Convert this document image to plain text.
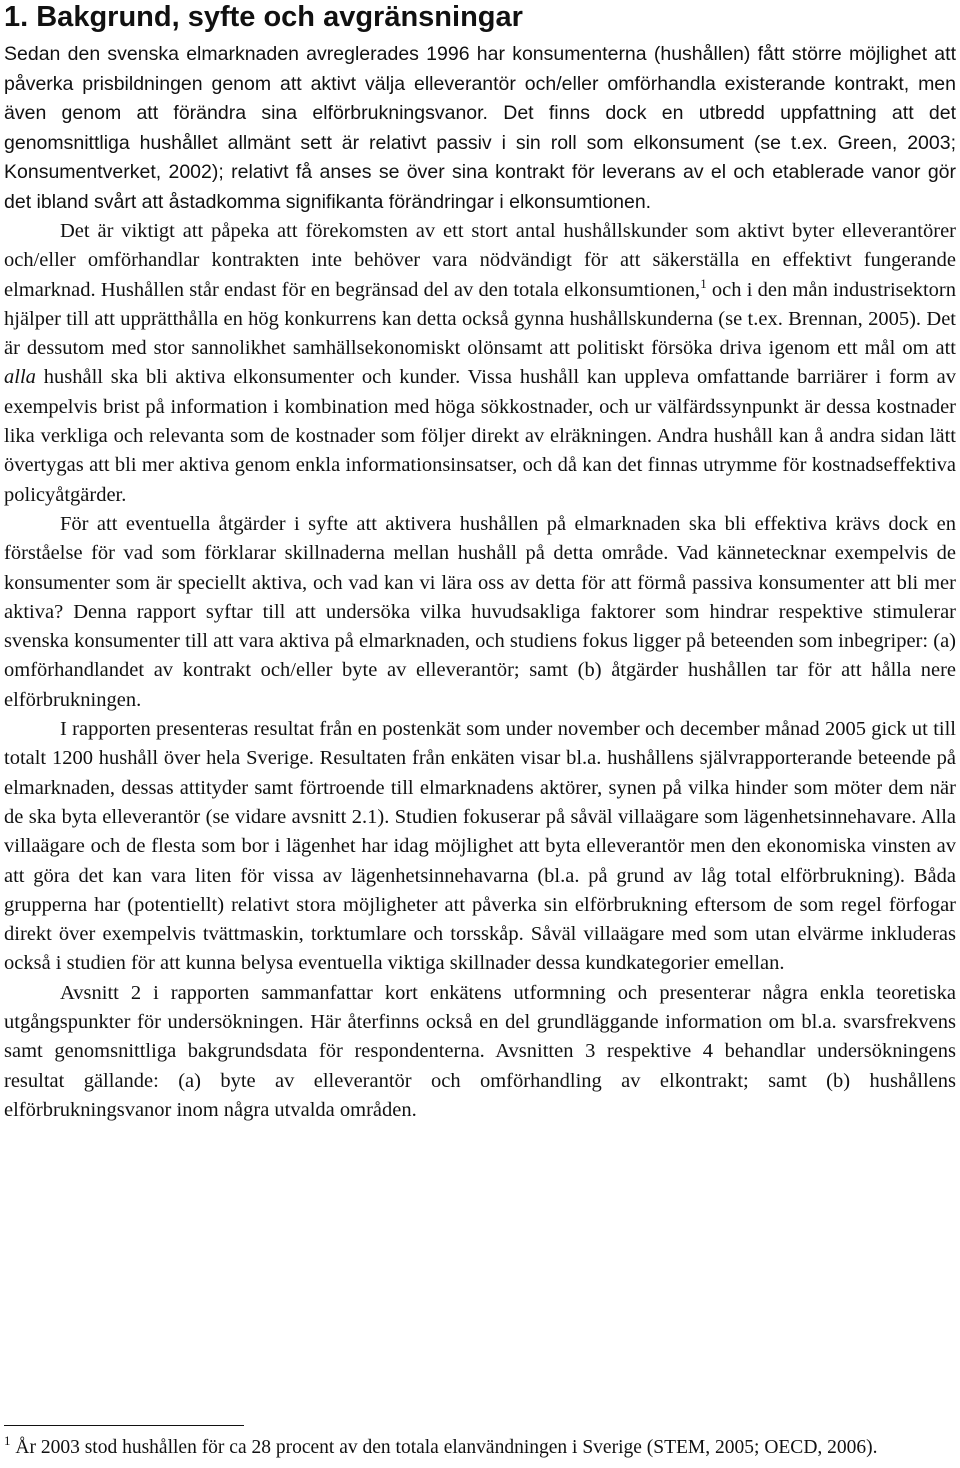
1. Bakgrund, syfte och avgränsningar

Sedan den svenska elmarknaden avreglerades 1996 har konsumenterna (hushållen) fått större möjlighet att påverka prisbildningen genom att aktivt välja elleverantör och/eller omförhandla existerande kontrakt, men även genom att förändra sina elförbrukningsvanor. Det finns dock en utbredd uppfattning att det genomsnittliga hushållet allmänt sett är relativt passiv i sin roll som elkonsument (se t.ex. Green, 2003; Konsumentverket, 2002); relativt få anses se över sina kontrakt för leverans av el och etablerade vanor gör det ibland svårt att åstadkomma signifikanta förändringar i elkonsumtionen.

Det är viktigt att påpeka att förekomsten av ett stort antal hushållskunder som aktivt byter elleverantörer och/eller omförhandlar kontrakten inte behöver vara nödvändigt för att säkerställa en effektivt fungerande elmarknad. Hushållen står endast för en begränsad del av den totala elkonsumtionen,$^1$ och i den mån industrisektorn hjälper till att upprätthålla en hög konkurrens kan detta också gynna hushållskunderna (se t.ex. Brennan, 2005). Det är dessutom med stor sannolikhet samhällsekonomiskt olönsamt att politiskt försöka driva igenom ett mål om att alla hushåll ska bli aktiva elkonsumenter och kunder. Vissa hushåll kan uppleva omfattande barriärer i form av exempelvis brist på information i kombination med höga sökkostnader, och ur välfärdssynpunkt är dessa kostnader lika verkliga och relevanta som de kostnader som följer direkt av elräkningen. Andra hushåll kan å andra sidan lätt övertygas att bli mer aktiva genom enkla informationsinsatser, och då kan det finnas utrymme för kostnadseffektiva policyåtgärder.

För att eventuella åtgärder i syfte att aktivera hushållen på elmarknaden ska bli effektiva krävs dock en förståelse för vad som förklarar skillnaderna mellan hushåll på detta område. Vad kännetecknar exempelvis de konsumenter som är speciellt aktiva, och vad kan vi lära oss av detta för att förmå passiva konsumenter att bli mer aktiva? Denna rapport syftar till att undersöka vilka huvudsakliga faktorer som hindrar respektive stimulerar svenska konsumenter till att vara aktiva på elmarknaden, och studiens fokus ligger på beteenden som inbegriper: (a) omförhandlandet av kontrakt och/eller byte av elleverantör; samt (b) åtgärder hushållen tar för att hålla nere elförbrukningen.

I rapporten presenteras resultat från en postenkät som under november och december månad 2005 gick ut till totalt 1200 hushåll över hela Sverige. Resultaten från enkäten visar bl.a. hushållens självrapporterande beteende på elmarknaden, dessas attityder samt förtroende till elmarknadens aktörer, synen på vilka hinder som möter dem när de ska byta elleverantör (se vidare avsnitt 2.1). Studien fokuserar på såväl villaägare som lägenhetsinnehavare. Alla villaägare och de flesta som bor i lägenhet har idag möjlighet att byta elleverantör men den ekonomiska vinsten av att göra det kan vara liten för vissa av lägenhetsinnehavarna (bl.a. på grund av låg total elförbrukning). Båda grupperna har (potentiellt) relativt stora möjligheter att påverka sin elförbrukning eftersom de som regel förfogar direkt över exempelvis tvättmaskin, torktumlare och torsskåp. Såväl villaägare med som utan elvärme inkluderas också i studien för att kunna belysa eventuella viktiga skillnader dessa kundkategorier emellan.

Avsnitt 2 i rapporten sammanfattar kort enkätens utformning och presenterar några enkla teoretiska utgångspunkter för undersökningen. Här återfinns också en del grundläggande information om bl.a. svarsfrekvens samt genomsnittliga bakgrundsdata för respondenterna. Avsnitten 3 respektive 4 behandlar undersökningens resultat gällande: (a) byte av elleverantör och omförhandling av elkontrakt; samt (b) hushållens elförbrukningsvanor inom några utvalda områden.

$^1$ År 2003 stod hushållen för ca 28 procent av den totala elanvändningen i Sverige (STEM, 2005; OECD, 2006).
